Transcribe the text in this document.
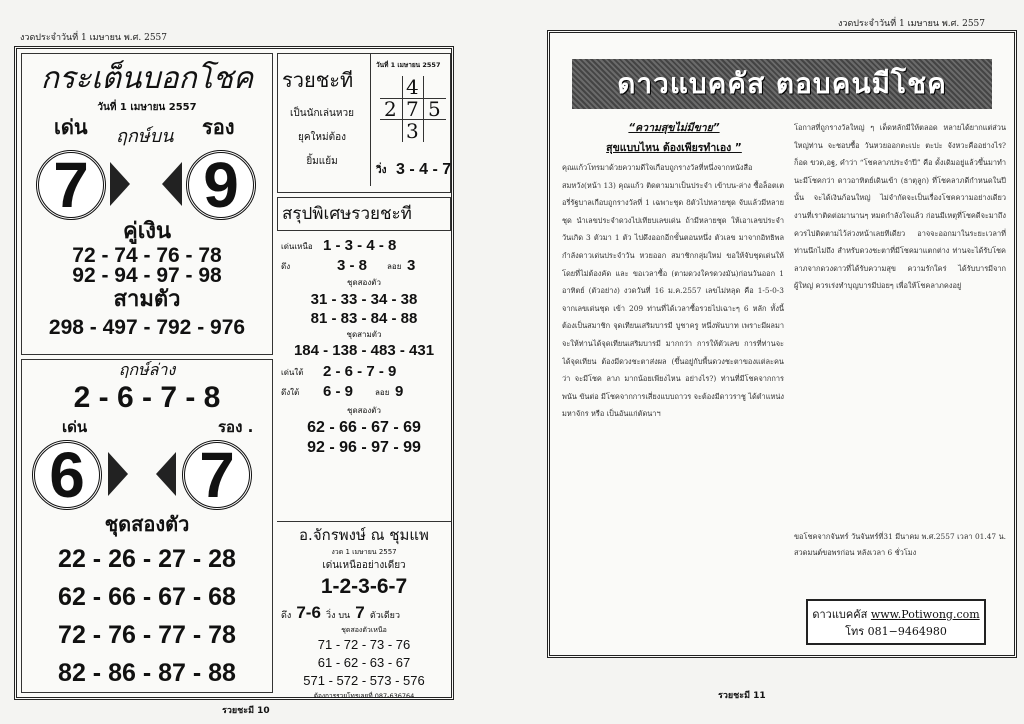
งวดประจำวันที่ 1 เมษายน พ.ศ. 2557
กระเต็นบอกโชค
วันที่ 1 เมษายน 2557
เด่น	รอง
ฤกษ์บน
7 9
คู่เงิน
72 - 74 - 76 - 78
92 - 94 - 97 - 98
สามตัว
298 - 497 - 792 - 976
ฤกษ์ล่าง
2 - 6 - 7 - 8
เด่น	รอง .
6 7
ชุดสองตัว
22 - 26 - 27 - 28
62 - 66 - 67 - 68
72 - 76 - 77 - 78
82 - 86 - 87 - 88
รวยชะที
เป็นนักเล่นหวย
ยุคใหม่ต้อง
ยิ้มแย้ม
วันที่ 1 เมษายน 2557
4
2 7 5
3
วิ่ง 3 - 4 - 7
สรุปพิเศษรวยชะที
เด่นเหนือ 1 - 3 - 4 - 8
ดึง	3 - 8 ลอย 3
ชุดสองตัว
31 - 33 - 34 - 38
81 - 83 - 84 - 88
ชุดสามตัว
184 - 138 - 483 - 431
เด่นใต้ 2 - 6 - 7 - 9
ดึงใต้ 6 - 9	ลอย 9
ชุดสองตัว
62 - 66 - 67 - 69
92 - 96 - 97 - 99
อ.จักรพงษ์ ณ ชุมแพ
งวด 1 เมษายน 2557
เด่นเหนืออย่างเดียว
1-2-3-6-7
ดึง 7-6 วิ่ง บน 7 ตัวเดียว
ชุดสองตัวเหนือ
71 - 72 - 73 - 76
61 - 62 - 63 - 67
571 - 572 - 573 - 576
ต้องการรวยโทรเลยที่ 087-636764
รวยชะมี 10
งวดประจำวันที่ 1 เมษายน พ.ศ. 2557
ดาวแบคคัส ตอบคนมีโชค
“ความสุขไม่มีขาย”
สุขแบบไหน ต้องเพียรทำเอง ”
คุณแก้วโทรมาด้วยความดีใจเกือบถูกรางวัลที่หนึ่งจากหนังสือสมหวัง(หน้า 13) คุณแก้ว ติดตามมาเป็นประจำ เข้าบน-ล่าง ซื้อล็อตเตอรี่รัฐบาลเกือบถูกรางวัลที่ 1 เฉพาะชุด 8ตัวไปหลายชุด จับแล้วมีหลายชุด นำเลขประจำดวงไปเทียบเลขเด่น ถ้ามีหลายชุด ให้เอาเลขประจำวันเกิด 3 ตัวมา 1 ตัว ไปดึงออกอีกขั้นตอนหนึ่ง ตัวเลข มาจากอิทธิพล กำลังดาวเด่นประจำวัน หวยออก สมาชิกกลุ่มใหม่ ขอให้จับชุดเด่นให้โดยที่ไม่ต้องคัด และ ขอเวลาซื้อ (ตามดวงใครดวงมัน)ก่อนวันออก 1 อาทิตย์ (ตัวอย่าง) งวดวันที่ 16 ม.ค.2557 เลขไม่หลุด คือ 1-5-0-3 จากเลขเด่นชุด เข้า 209 ท่านที่ได้เวลาซื้อรวยไปเฉาะๆ 6 หลัก ทั้งนี้ ต้องเป็นสมาชิก จุดเทียนเสริมบารมี บูชาครู หนึ่งพันบาท เพราะมีผลมาจะให้ท่านได้จุดเทียนเสริมบารมี มากกว่า การให้ตัวเลข การที่ท่านจะได้จุดเทียน ต้องมีดวงชะตาส่งผล (ขึ้นอยู่กับพื้นดวงชะตาของแต่ละคนว่า จะมีโชค ลาภ มากน้อยเพียงไหน อย่างไร?) ท่านที่มีโชคจากการพนัน ขันต่อ มีโชคจากการเสี่ยงแบบถาวร จะต้องมีดาวราชู ได้ตำแหน่งมหาจักร หรือ เป็นอันแก่ตัดนาฯ
โอกาสที่ถูกรางวัลใหญ่ ๆ เด็ดหลักมีให้ตลอด หลายได้ยากแต่ส่วนใหญ่ท่าน จะชอบซื้อ วันหวยออกตะเปะ ตะปะ จังหวะคืออย่างไร? ก็อด ขวด,อฐ, คำว่า “โชคลาภประจำปี” คือ ดั้งเดิมอยู่แล้วขึ้นมาทำนะมีโชคกว่า ดาวอาทิตย์เดินเข้า (ธาตุลูก) ที่โชคลาภดีกำหนดในปีนั้น จะได้เงินก้อนใหญ่ ไม่จำกัดจะเป็นเรื่องโชคความอย่างเดียว งานที่เราติดต่อมานานๆ หมดกำลังใจแล้ว ก่อนมีเหตุที่โชคดีจะมาถึง ควรไปติดตามไว้ล่วงหน้าเลยทีเดียว อาจจะออกมาในระยะเวลาที่ท่านนึกไม่ถึง สำหรับดวงชะตาที่มีโชคมาแตกต่าง ท่านจะได้รับโชคลาภจากดวงดาวที่ได้รับความสุข ความรักใคร่ ได้รับบารมีจากผู้ใหญ่ ควรเร่งทำบุญบารมีบ่อยๆ เพื่อให้โชคลาภคงอยู่
ขอโชคจากจันทร์ วันจันทร์ที่31 มีนาคม พ.ศ.2557 เวลา 01.47 น. สวดมนต์ขอพรก่อน หลังเวลา 6 ชั่วโมง
ดาวแบคคัส www.Potiwong.com
โทร 081−9464980
รวยชะมี 11
